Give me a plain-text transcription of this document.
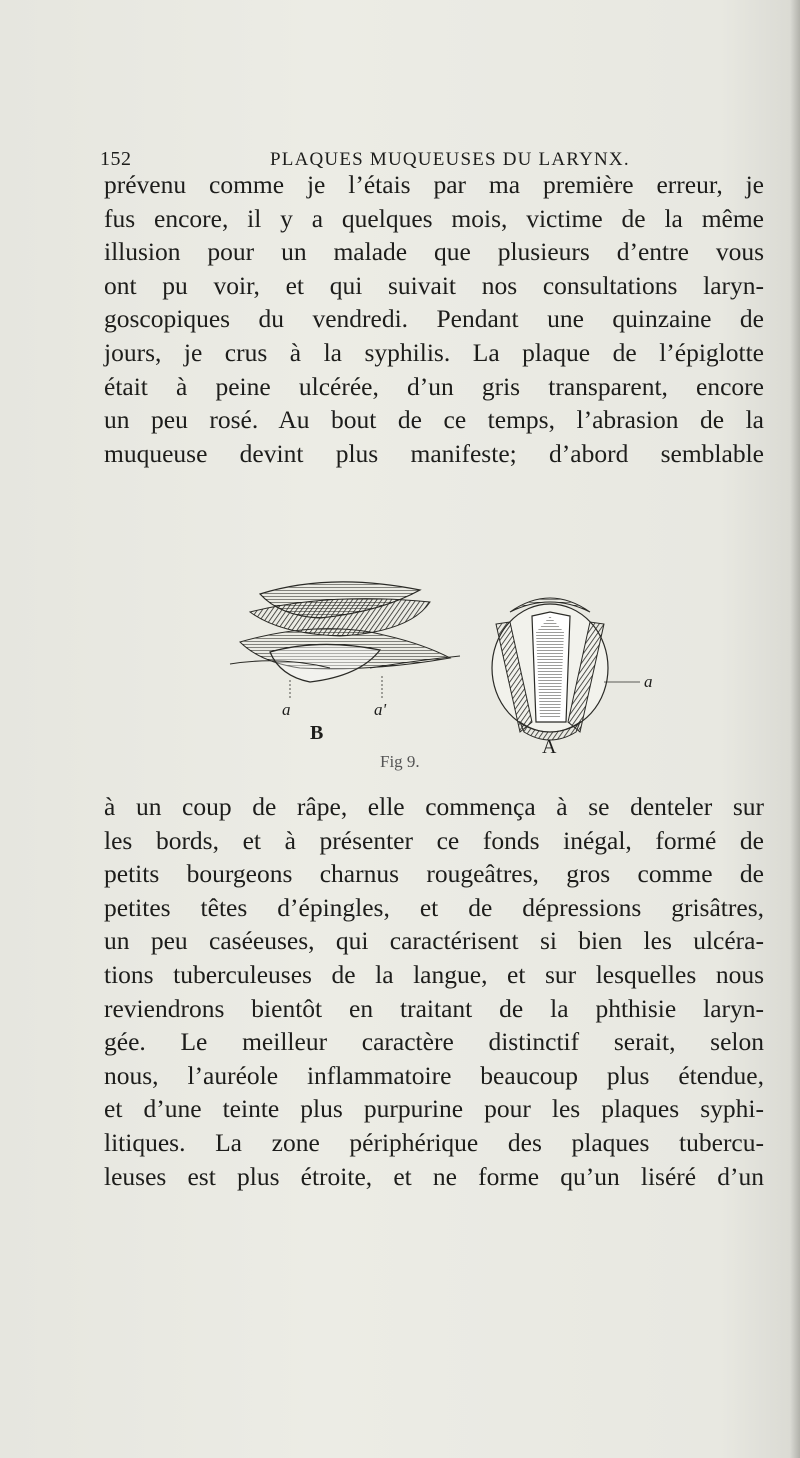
152	PLAQUES MUQUEUSES DU LARYNX.
prévenu comme je l’étais par ma première erreur, je
fus encore, il y a quelques mois, victime de la même
illusion pour un malade que plusieurs d’entre vous
ont pu voir, et qui suivait nos consultations laryn-
goscopiques du vendredi. Pendant une quinzaine de
jours, je crus à la syphilis. La plaque de l’épiglotte
était à peine ulcérée, d’un gris transparent, encore
un peu rosé. Au bout de ce temps, l’abrasion de la
muqueuse devint plus manifeste; d’abord semblable
a	a'
a
B
A
Fig 9.
à un coup de râpe, elle commença à se denteler sur
les bords, et à présenter ce fonds inégal, formé de
petits bourgeons charnus rougeâtres, gros comme de
petites têtes d’épingles, et de dépressions grisâtres,
un peu caséeuses, qui caractérisent si bien les ulcéra-
tions tuberculeuses de la langue, et sur lesquelles nous
reviendrons bientôt en traitant de la phthisie laryn-
gée. Le meilleur caractère distinctif serait, selon
nous, l’auréole inflammatoire beaucoup plus étendue,
et d’une teinte plus purpurine pour les plaques syphi-
litiques. La zone périphérique des plaques tubercu-
leuses est plus étroite, et ne forme qu’un liséré d’un
